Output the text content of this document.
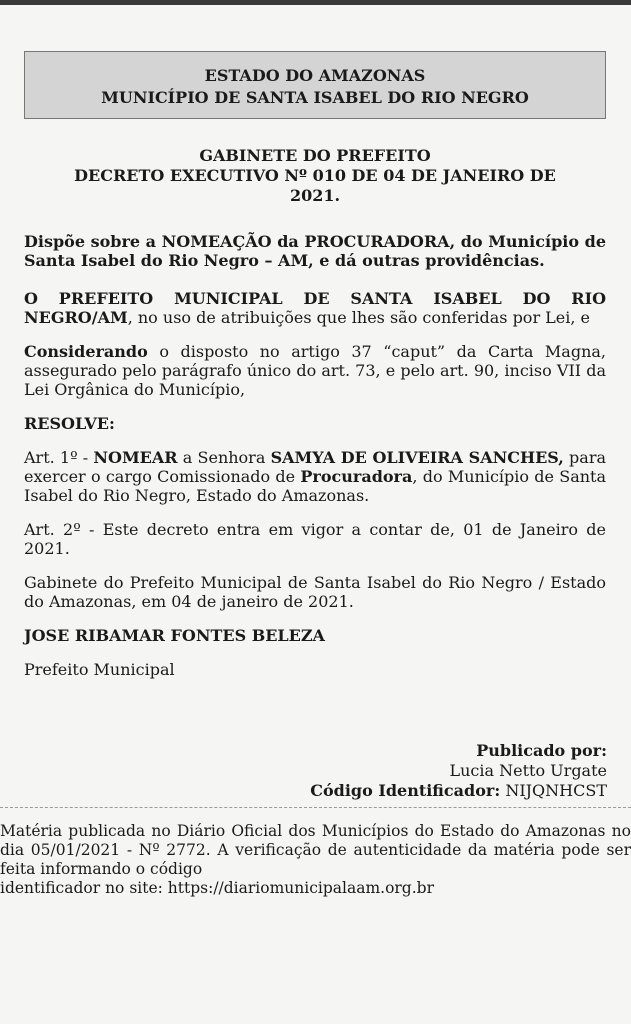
ESTADO DO AMAZONAS
MUNICÍPIO DE SANTA ISABEL DO RIO NEGRO
GABINETE DO PREFEITO
DECRETO EXECUTIVO Nº 010 DE 04 DE JANEIRO DE
2021.

Dispõe sobre a NOMEAÇÃO da PROCURADORA, do Município de Santa Isabel do Rio Negro – AM, e dá outras providências.

O PREFEITO MUNICIPAL DE SANTA ISABEL DO RIO NEGRO/AM, no uso de atribuições que lhes são conferidas por Lei, e

Considerando o disposto no artigo 37 “caput” da Carta Magna, assegurado pelo parágrafo único do art. 73, e pelo art. 90, inciso VII da Lei Orgânica do Município,

RESOLVE:

Art. 1º - NOMEAR a Senhora SAMYA DE OLIVEIRA SANCHES, para exercer o cargo Comissionado de Procuradora, do Município de Santa Isabel do Rio Negro, Estado do Amazonas.

Art. 2º - Este decreto entra em vigor a contar de, 01 de Janeiro de 2021.

Gabinete do Prefeito Municipal de Santa Isabel do Rio Negro / Estado do Amazonas, em 04 de janeiro de 2021.

JOSE RIBAMAR FONTES BELEZA

Prefeito Municipal

Publicado por:
Lucia Netto Urgate
Código Identificador: NIJQNHCST
Matéria publicada no Diário Oficial dos Municípios do Estado do Amazonas no dia 05/01/2021 - Nº 2772. A verificação de autenticidade da matéria pode ser feita informando o código
identificador no site: https://diariomunicipalaam.org.br
